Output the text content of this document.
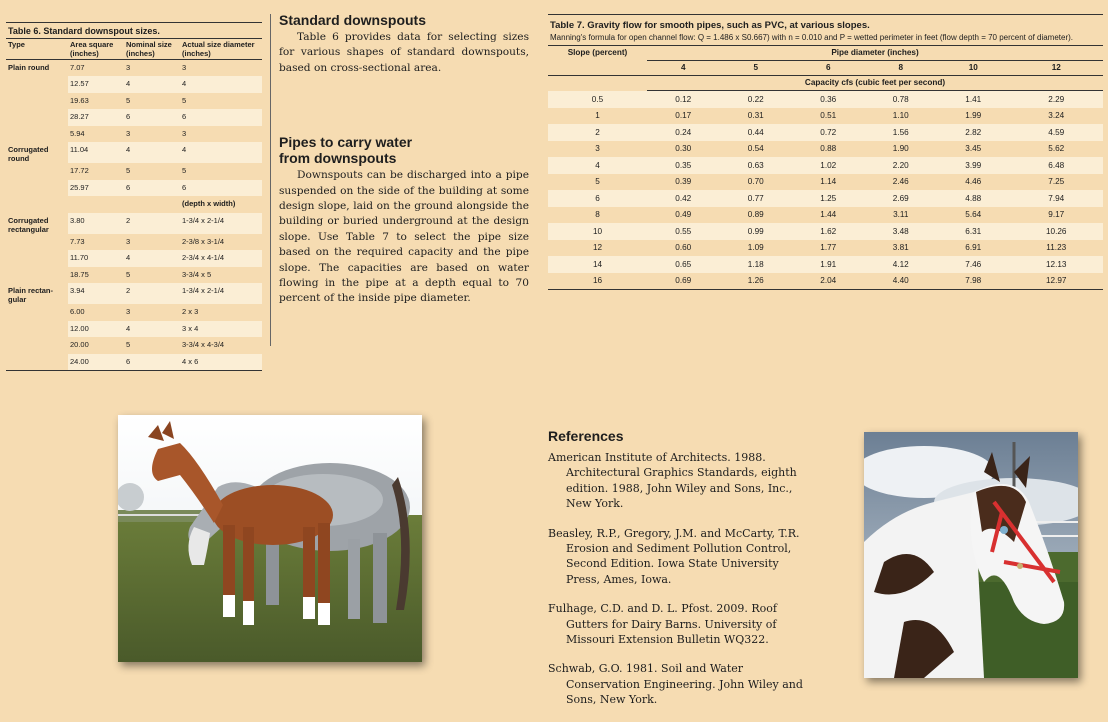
Table 6. Standard downspout sizes.
Type	Area square (inches)	Nominal size (inches)	Actual size diameter (inches)
Plain round	7.07	3	3
	12.57	4	4
	19.63	5	5
	28.27	6	6
	5.94	3	3
Corrugated round	11.04	4	4
	17.72	5	5
	25.97	6	6
			(depth x width)
Corrugated rectangular	3.80	2	1-3/4 x 2-1/4
	7.73	3	2-3/8 x 3-1/4
	11.70	4	2-3/4 x 4-1/4
	18.75	5	3-3/4 x 5
Plain rectan-gular	3.94	2	1-3/4 x 2-1/4
	6.00	3	2 x 3
	12.00	4	3 x 4
	20.00	5	3-3/4 x 4-3/4
	24.00	6	4 x 6
Standard downspouts

Table 6 provides data for selecting sizes for various shapes of standard downspouts, based on cross-sectional area.

Pipes to carry water
from downspouts

Downspouts can be discharged into a pipe suspended on the side of the building at some design slope, laid on the ground alongside the building or buried underground at the design slope. Use Table 7 to select the pipe size based on the required capacity and the pipe slope. The capacities are based on water flowing in the pipe at a depth equal to 70 percent of the inside pipe diameter.

Table 7. Gravity flow for smooth pipes, such as PVC, at various slopes.
Manning's formula for open channel flow: Q = 1.486 x S0.667) with n = 0.010 and P = wetted perimeter in feet (flow depth = 70 percent of diameter).
Slope (percent)	Pipe diameter (inches)					
	4	5	6	8	10	12
	Capacity cfs (cubic feet per second)					
0.5	0.12	0.22	0.36	0.78	1.41	2.29
1	0.17	0.31	0.51	1.10	1.99	3.24
2	0.24	0.44	0.72	1.56	2.82	4.59
3	0.30	0.54	0.88	1.90	3.45	5.62
4	0.35	0.63	1.02	2.20	3.99	6.48
5	0.39	0.70	1.14	2.46	4.46	7.25
6	0.42	0.77	1.25	2.69	4.88	7.94
8	0.49	0.89	1.44	3.11	5.64	9.17
10	0.55	0.99	1.62	3.48	6.31	10.26
12	0.60	1.09	1.77	3.81	6.91	11.23
14	0.65	1.18	1.91	4.12	7.46	12.13
16	0.69	1.26	2.04	4.40	7.98	12.97
References

American Institute of Architects. 1988. Architectural Graphics Standards, eighth edition. 1988, John Wiley and Sons, Inc., New York.

Beasley, R.P., Gregory, J.M. and McCarty, T.R. Erosion and Sediment Pollution Control, Second Edition. Iowa State University Press, Ames, Iowa.

Fulhage, C.D. and D. L. Pfost. 2009. Roof Gutters for Dairy Barns. University of Missouri Extension Bulletin WQ322.

Schwab, G.O. 1981. Soil and Water Conservation Engineering. John Wiley and Sons, New York.
